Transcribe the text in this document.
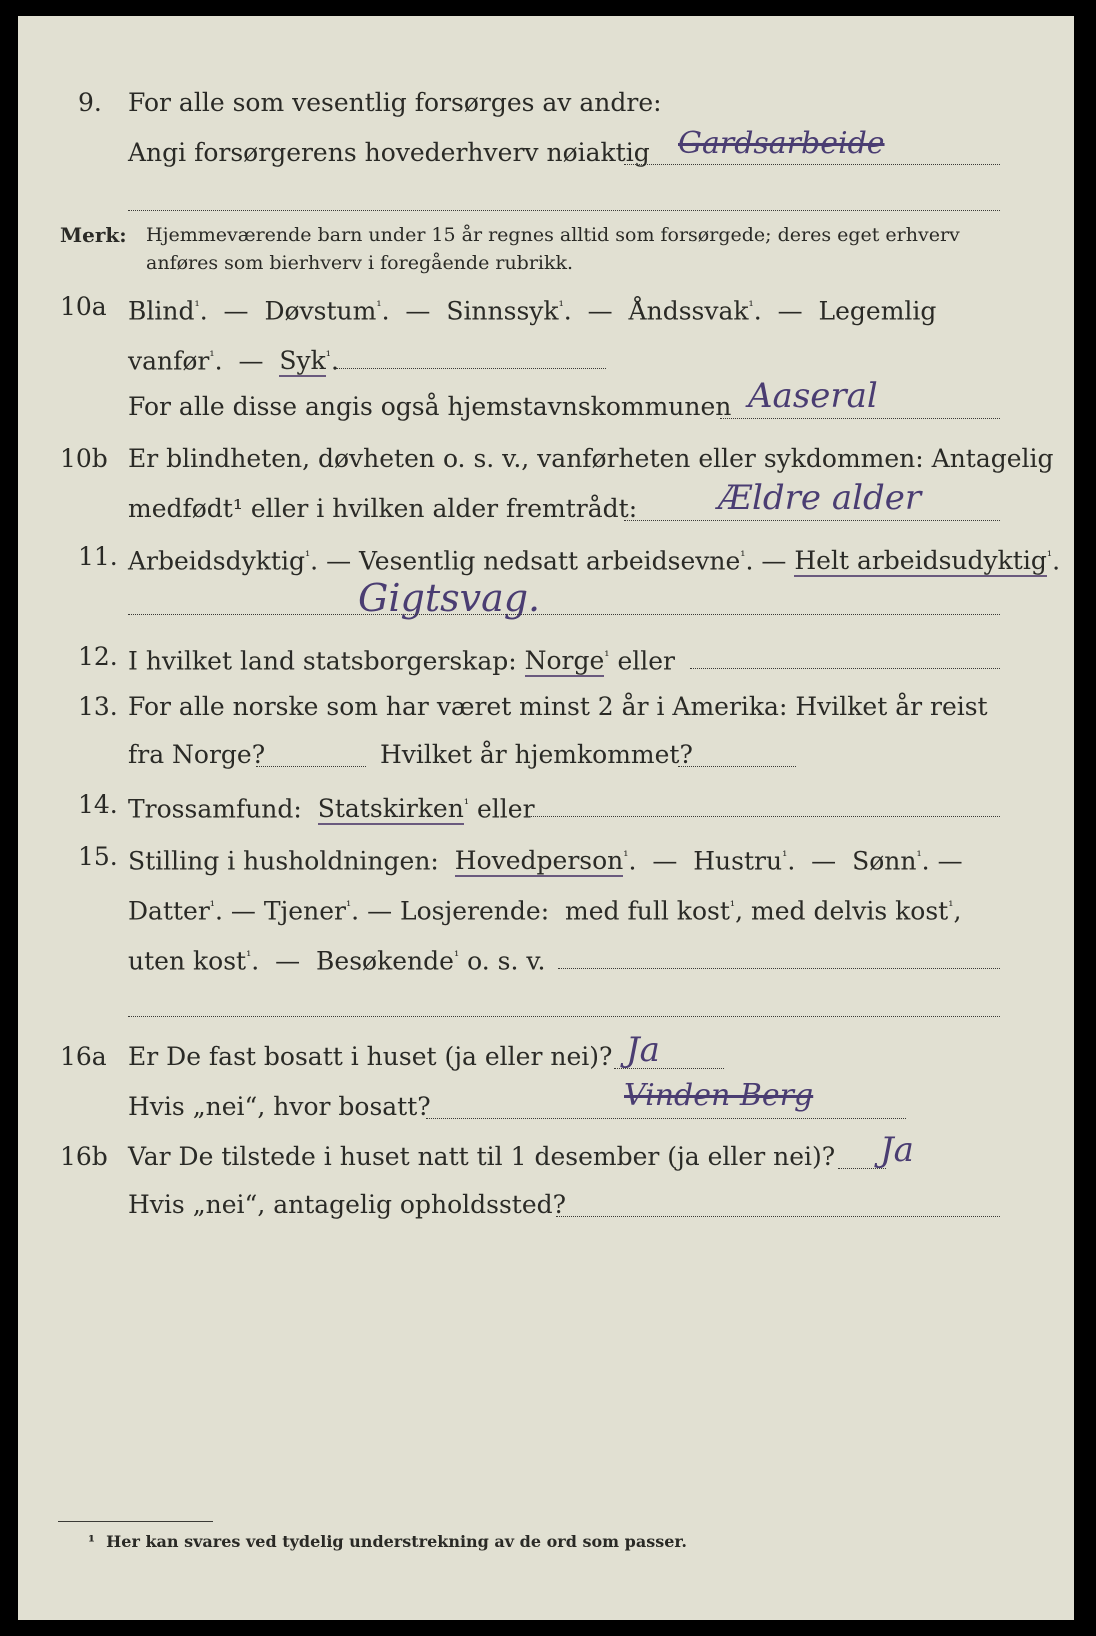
9. For alle som vesentlig forsørges av andre:
Angi forsørgerens hovederhverv nøiaktig Gardsarbeide
Merk: Hjemmeværende barn under 15 år regnes alltid som forsørgede; deres eget erhverv
anføres som bierhverv i foregående rubrikk.
10a Blind$^{^1}$.  — Døvstum$^{^1}$.  — Sinnssyk$^{^1}$.  — Åndssvak$^{^1}$.  — Legemlig
vanfør$^{^1}$.  — Syk$^{^1}$.
For alle disse angis også hjemstavnskommunen Aaseral
10b Er blindheten, døvheten o. s. v., vanførheten eller sykdommen: Antagelig
medfødt¹ eller i hvilken alder fremtrådt: Ældre alder
11. Arbeidsdyktig$^{^1}$. — Vesentlig nedsatt arbeidsevne$^{^1}$. — Helt arbeidsudyktig$^{^1}$.
Gigtsvag.
12. I hvilket land statsborgerskap: Norge$^{^1}$ eller
13. For alle norske som har været minst 2 år i Amerika: Hvilket år reist
fra Norge?	Hvilket år hjemkommet?
14. Trossamfund: Statskirken$^{^1}$ eller
15. Stilling i husholdningen: Hovedperson$^{^1}$.  — Hustru$^{^1}$.  — Sønn$^{^1}$. —
Datter$^{^1}$. — Tjener$^{^1}$. — Losjerende: med full kost$^{^1}$, med delvis kost$^{^1}$,
uten kost$^{^1}$.  — Besøkende$^{^1}$ o. s. v.
16a Er De fast bosatt i huset (ja eller nei)? Ja
Hvis „nei“, hvor bosatt?	Vinden Berg
16b Var De tilstede i huset natt til 1 desember (ja eller nei)? Ja
Hvis „nei“, antagelig opholdssted?
¹ Her kan svares ved tydelig understrekning av de ord som passer.
